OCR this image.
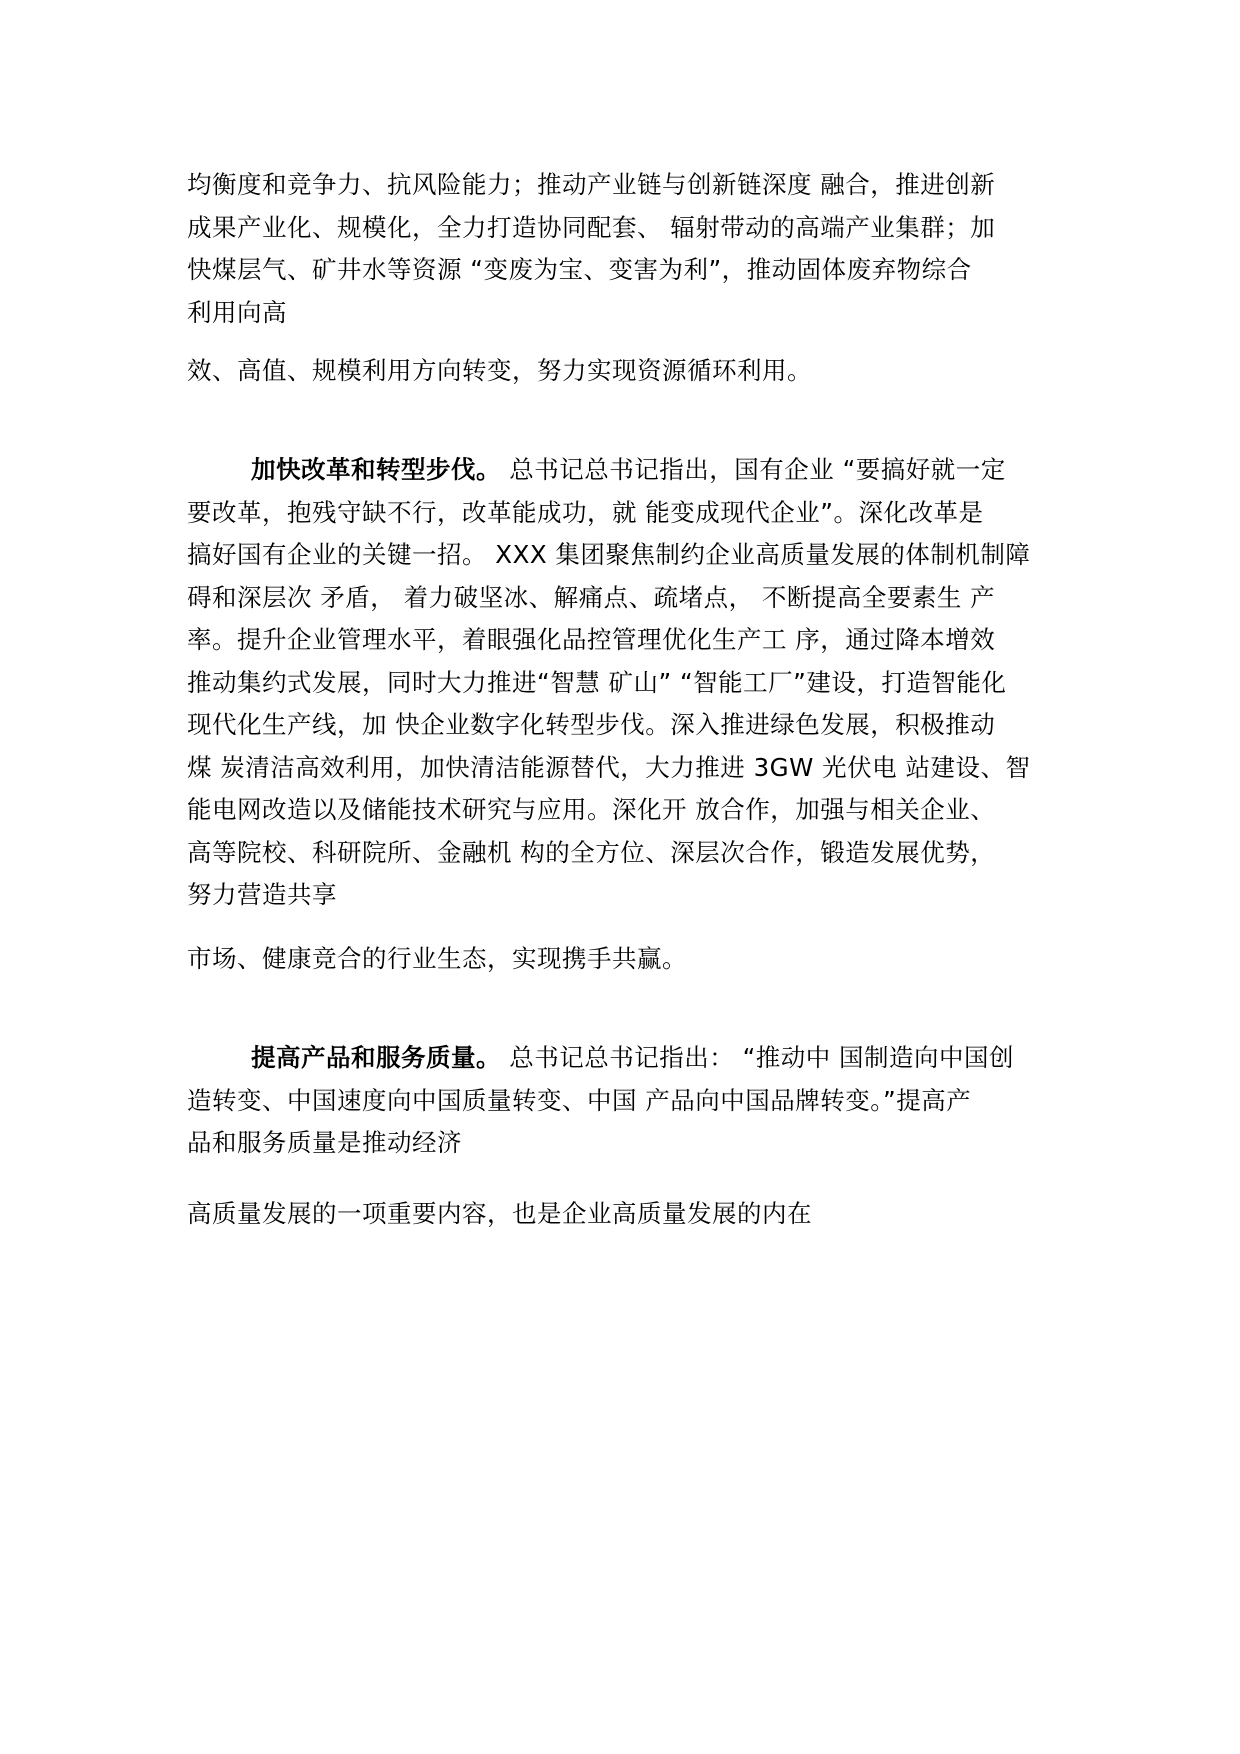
均衡度和竞争力、抗风险能力；推动产业链与创新链深度 融合，推进创新
成果产业化、规模化，全力打造协同配套、 辐射带动的高端产业集群；加
快煤层气、矿井水等资源 “变废为宝、变害为利”，推动固体废弃物综合
利用向高
效、高值、规模利用方向转变，努力实现资源循环利用。
加快改革和转型步伐。 总书记总书记指出，国有企业 “要搞好就一定
要改革，抱残守缺不行，改革能成功，就 能变成现代企业”。深化改革是
搞好国有企业的关键一招。 XXX 集团聚焦制约企业高质量发展的体制机制障
碍和深层次 矛盾， 着力破坚冰、解痛点、疏堵点， 不断提高全要素生 产
率。提升企业管理水平，着眼强化品控管理优化生产工 序，通过降本增效
推动集约式发展，同时大力推进“智慧 矿山” “智能工厂”建设，打造智能化
现代化生产线，加 快企业数字化转型步伐。深入推进绿色发展，积极推动
煤 炭清洁高效利用，加快清洁能源替代，大力推进 3GW 光伏电 站建设、智
能电网改造以及储能技术研究与应用。深化开 放合作，加强与相关企业、
高等院校、科研院所、金融机 构的全方位、深层次合作，锻造发展优势，
努力营造共享
市场、健康竞合的行业生态，实现携手共赢。
提高产品和服务质量。 总书记总书记指出： “推动中 国制造向中国创
造转变、中国速度向中国质量转变、中国 产品向中国品牌转变。”提高产
品和服务质量是推动经济
高质量发展的一项重要内容，也是企业高质量发展的内在
